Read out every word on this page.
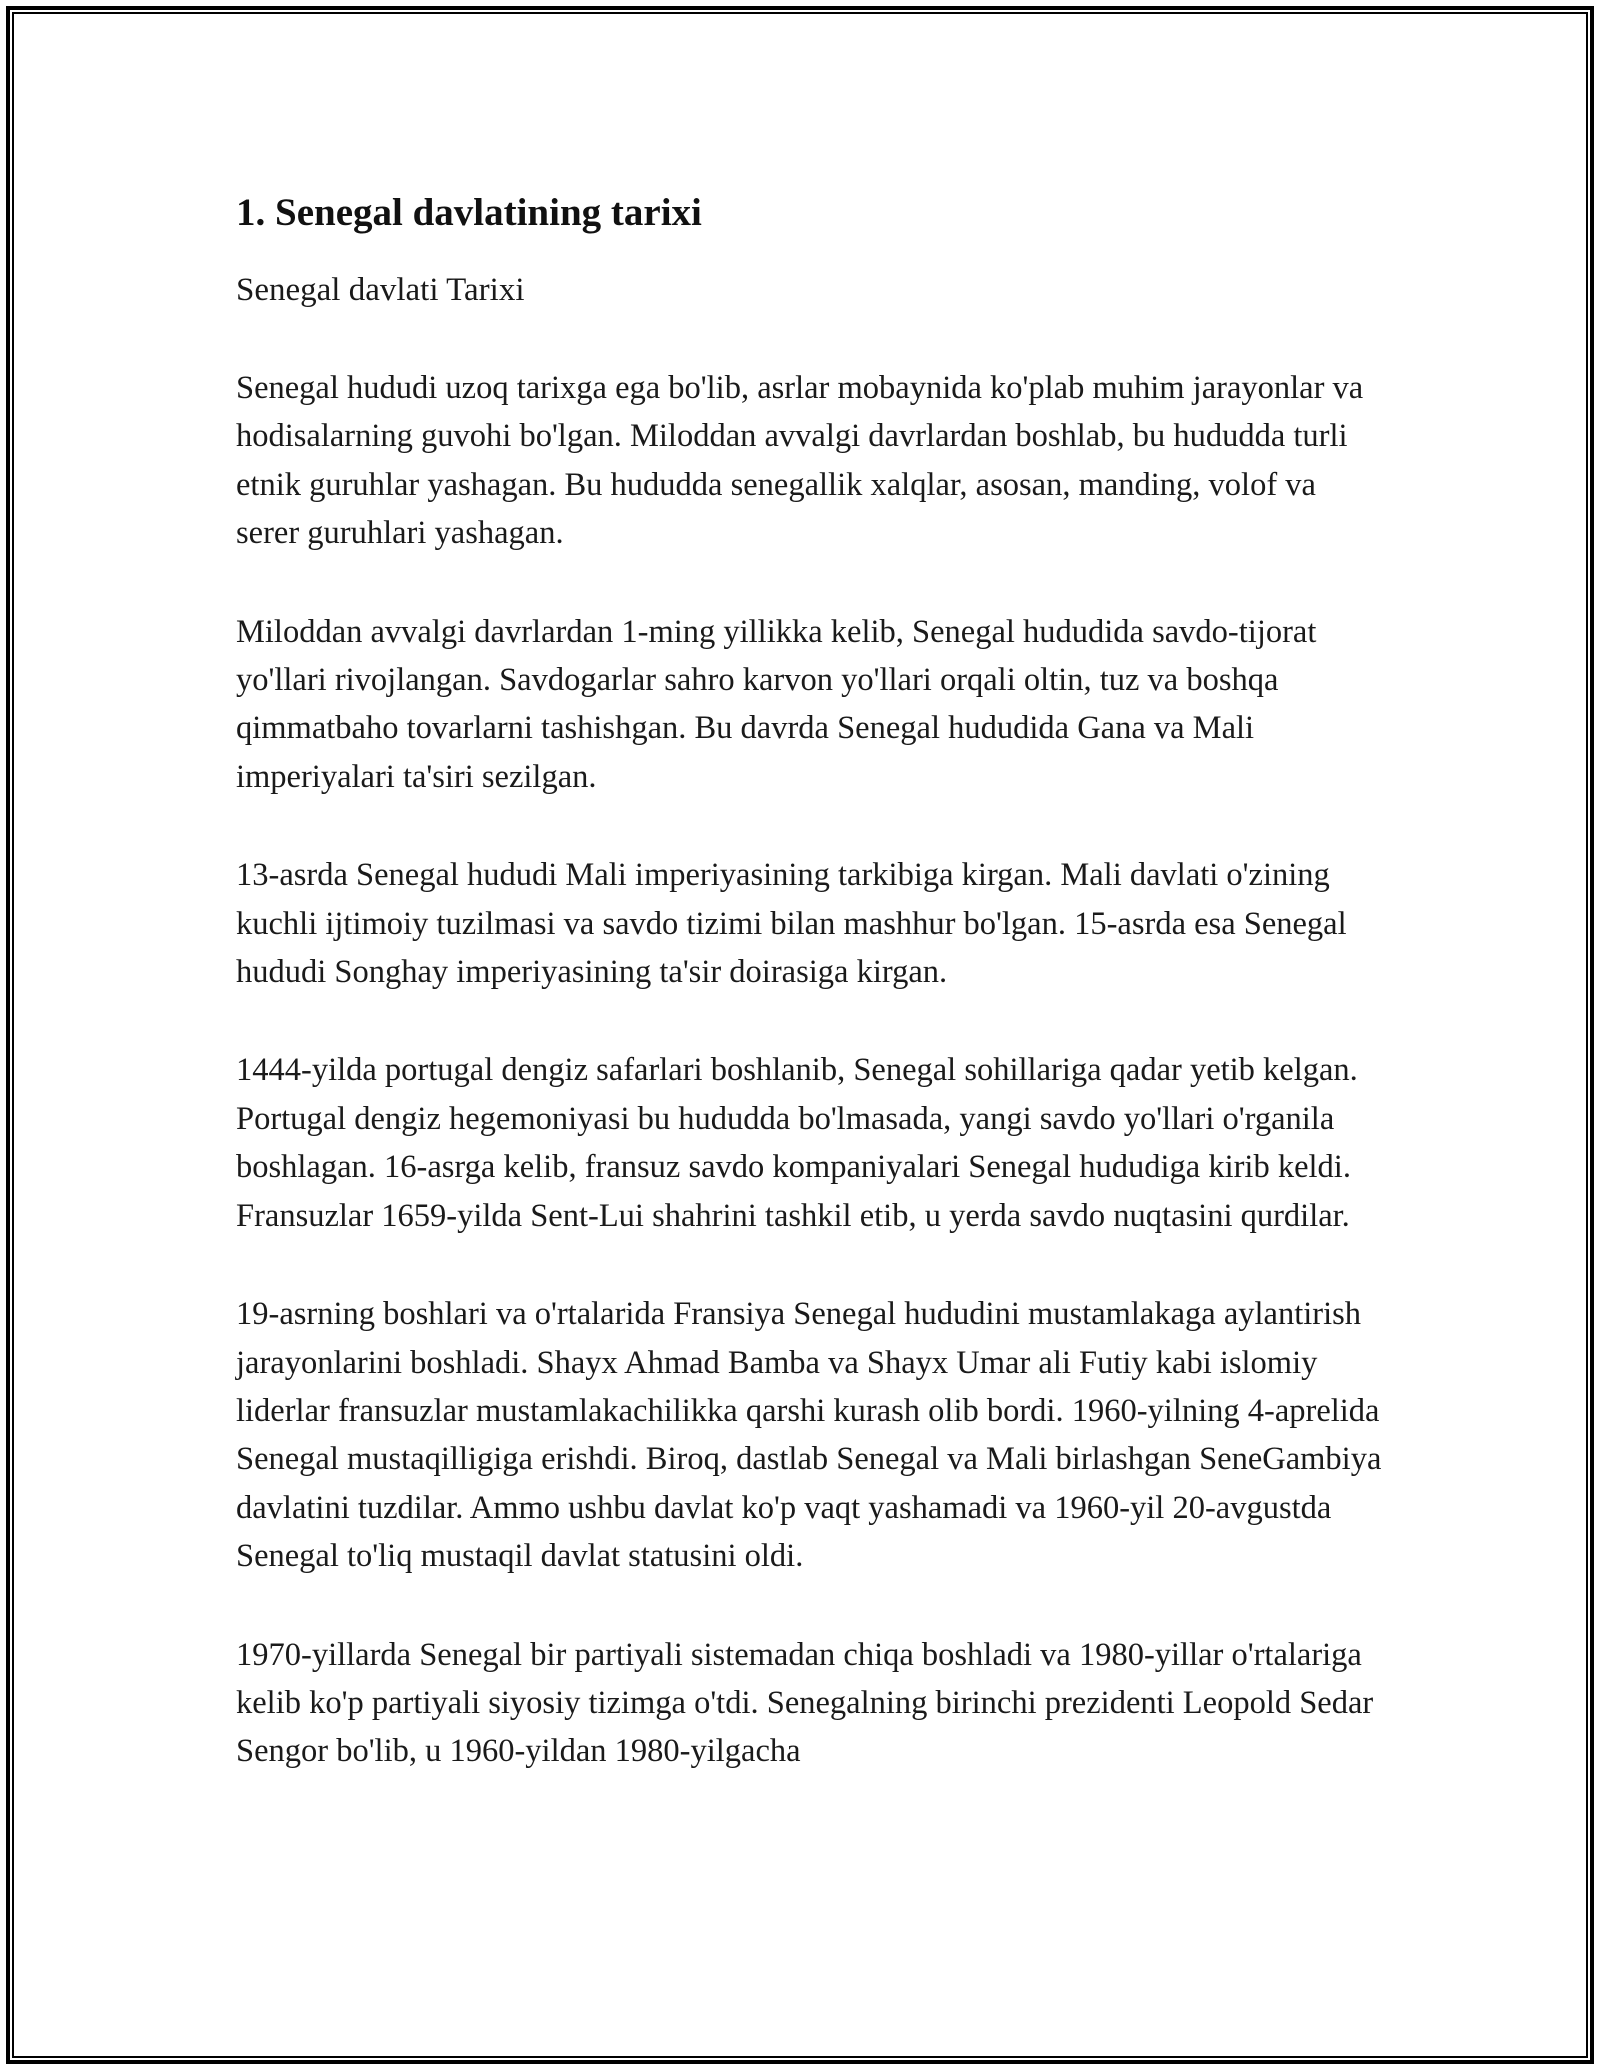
1. Senegal davlatining tarixi

Senegal davlati Tarixi

Senegal hududi uzoq tarixga ega bo'lib, asrlar mobaynida ko'plab muhim jarayonlar va hodisalarning guvohi bo'lgan. Miloddan avvalgi davrlardan boshlab, bu hududda turli etnik guruhlar yashagan. Bu hududda senegallik xalqlar, asosan, manding, volof va serer guruhlari yashagan.

Miloddan avvalgi davrlardan 1-ming yillikka kelib, Senegal hududida savdo-tijorat yo'llari rivojlangan. Savdogarlar sahro karvon yo'llari orqali oltin, tuz va boshqa qimmatbaho tovarlarni tashishgan. Bu davrda Senegal hududida Gana va Mali imperiyalari ta'siri sezilgan.

13-asrda Senegal hududi Mali imperiyasining tarkibiga kirgan. Mali davlati o'zining kuchli ijtimoiy tuzilmasi va savdo tizimi bilan mashhur bo'lgan. 15-asrda esa Senegal hududi Songhay imperiyasining ta'sir doirasiga kirgan.

1444-yilda portugal dengiz safarlari boshlanib, Senegal sohillariga qadar yetib kelgan. Portugal dengiz hegemoniyasi bu hududda bo'lmasada, yangi savdo yo'llari o'rganila boshlagan. 16-asrga kelib, fransuz savdo kompaniyalari Senegal hududiga kirib keldi. Fransuzlar 1659-yilda Sent-Lui shahrini tashkil etib, u yerda savdo nuqtasini qurdilar.

19-asrning boshlari va o'rtalarida Fransiya Senegal hududini mustamlakaga aylantirish jarayonlarini boshladi. Shayx Ahmad Bamba va Shayx Umar ali Futiy kabi islomiy liderlar fransuzlar mustamlakachilikka qarshi kurash olib bordi. 1960-yilning 4-aprelida Senegal mustaqilligiga erishdi. Biroq, dastlab Senegal va Mali birlashgan SeneGambiya davlatini tuzdilar. Ammo ushbu davlat ko'p vaqt yashamadi va 1960-yil 20-avgustda Senegal to'liq mustaqil davlat statusini oldi.

1970-yillarda Senegal bir partiyali sistemadan chiqa boshladi va 1980-yillar o'rtalariga kelib ko'p partiyali siyosiy tizimga o'tdi. Senegalning birinchi prezidenti Leopold Sedar Sengor bo'lib, u 1960-yildan 1980-yilgacha
